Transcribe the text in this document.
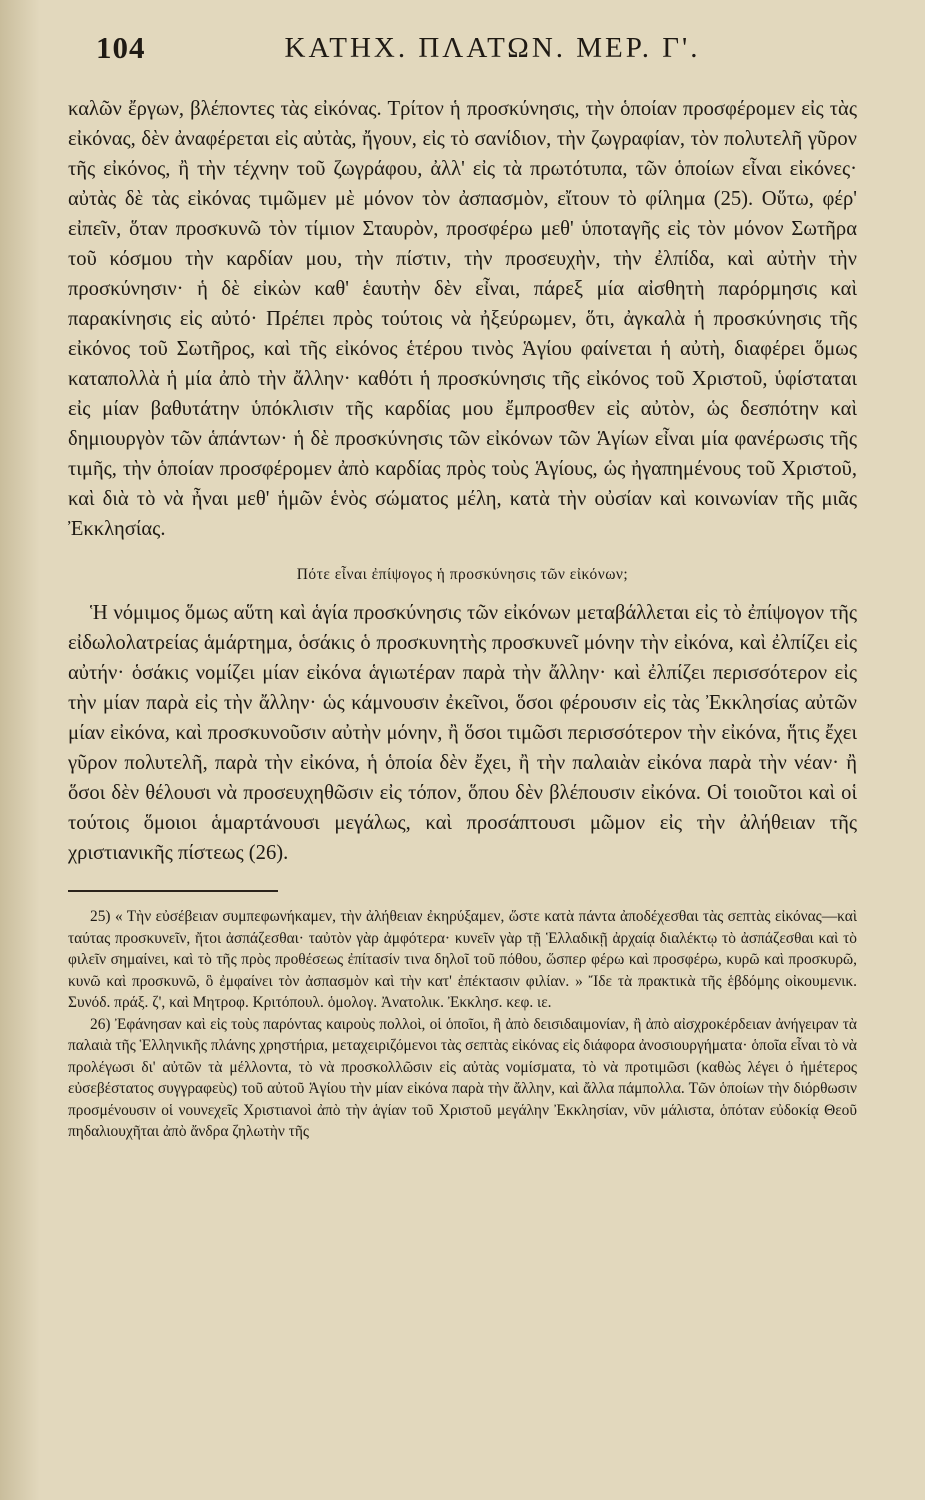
104	ΚΑΤΗΧ. ΠΛΑΤΩΝ. ΜΕΡ. Γ'.

καλῶν ἔργων, βλέποντες τὰς εἰκόνας. Τρίτον ἡ προσκύνησις, τὴν ὁποίαν προσφέρομεν εἰς τὰς εἰκόνας, δὲν ἀναφέρεται εἰς αὐτὰς, ἤγουν, εἰς τὸ σανίδιον, τὴν ζωγραφίαν, τὸν πολυτελῆ γῦρον τῆς εἰκόνος, ἢ τὴν τέχνην τοῦ ζωγράφου, ἀλλ' εἰς τὰ πρωτότυπα, τῶν ὁποίων εἶναι εἰκόνες· αὐτὰς δὲ τὰς εἰκόνας τιμῶμεν μὲ μόνον τὸν ἀσπασμὸν, εἴτουν τὸ φίλημα (25). Οὕτω, φέρ' εἰπεῖν, ὅταν προσκυνῶ τὸν τίμιον Σταυρὸν, προσφέρω μεθ' ὑποταγῆς εἰς τὸν μόνον Σωτῆρα τοῦ κόσμου τὴν καρδίαν μου, τὴν πίστιν, τὴν προσευχὴν, τὴν ἐλπίδα, καὶ αὐτὴν τὴν προσκύνησιν· ἡ δὲ εἰκὼν καθ' ἑαυτὴν δὲν εἶναι, πάρεξ μία αἰσθητὴ παρόρμησις καὶ παρακίνησις εἰς αὐτό· Πρέπει πρὸς τούτοις νὰ ἠξεύρωμεν, ὅτι, ἀγκαλὰ ἡ προσκύνησις τῆς εἰκόνος τοῦ Σωτῆρος, καὶ τῆς εἰκόνος ἑτέρου τινὸς Ἁγίου φαίνεται ἡ αὐτὴ, διαφέρει ὅμως καταπολλὰ ἡ μία ἀπὸ τὴν ἄλλην· καθότι ἡ προσκύνησις τῆς εἰκόνος τοῦ Χριστοῦ, ὑφίσταται εἰς μίαν βαθυτάτην ὑπόκλισιν τῆς καρδίας μου ἔμπροσθεν εἰς αὐτὸν, ὡς δεσπότην καὶ δημιουργὸν τῶν ἁπάντων· ἡ δὲ προσκύνησις τῶν εἰκόνων τῶν Ἁγίων εἶναι μία φανέρωσις τῆς τιμῆς, τὴν ὁποίαν προσφέρομεν ἀπὸ καρδίας πρὸς τοὺς Ἁγίους, ὡς ἠγαπημένους τοῦ Χριστοῦ, καὶ διὰ τὸ νὰ ἦναι μεθ' ἡμῶν ἑνὸς σώματος μέλη, κατὰ τὴν οὐσίαν καὶ κοινωνίαν τῆς μιᾶς Ἐκκλησίας.

Πότε εἶναι ἐπίψογος ἡ προσκύνησις τῶν εἰκόνων;

Ἡ νόμιμος ὅμως αὕτη καὶ ἁγία προσκύνησις τῶν εἰκόνων μεταβάλλεται εἰς τὸ ἐπίψογον τῆς εἰδωλολατρείας ἁμάρτημα, ὁσάκις ὁ προσκυνητὴς προσκυνεῖ μόνην τὴν εἰκόνα, καὶ ἐλπίζει εἰς αὐτήν· ὁσάκις νομίζει μίαν εἰκόνα ἁγιωτέραν παρὰ τὴν ἄλλην· καὶ ἐλπίζει περισσότερον εἰς τὴν μίαν παρὰ εἰς τὴν ἄλλην· ὡς κάμνουσιν ἐκεῖνοι, ὅσοι φέρουσιν εἰς τὰς Ἐκκλησίας αὐτῶν μίαν εἰκόνα, καὶ προσκυνοῦσιν αὐτὴν μόνην, ἢ ὅσοι τιμῶσι περισσότερον τὴν εἰκόνα, ἥτις ἔχει γῦρον πολυτελῆ, παρὰ τὴν εἰκόνα, ἡ ὁποία δὲν ἔχει, ἢ τὴν παλαιὰν εἰκόνα παρὰ τὴν νέαν· ἢ ὅσοι δὲν θέλουσι νὰ προσευχηθῶσιν εἰς τόπον, ὅπου δὲν βλέπουσιν εἰκόνα. Οἱ τοιοῦτοι καὶ οἱ τούτοις ὅμοιοι ἁμαρτάνουσι μεγάλως, καὶ προσάπτουσι μῶμον εἰς τὴν ἀλήθειαν τῆς χριστιανικῆς πίστεως (26).

25) « Τὴν εὐσέβειαν συμπεφωνήκαμεν, τὴν ἀλήθειαν ἐκηρύξαμεν, ὥστε κατὰ πάντα ἀποδέχεσθαι τὰς σεπτὰς εἰκόνας—καὶ ταύτας προσκυνεῖν, ἤτοι ἀσπάζεσθαι· ταὐτὸν γὰρ ἀμφότερα· κυνεῖν γὰρ τῇ Ἑλλαδικῇ ἀρχαίᾳ διαλέκτῳ τὸ ἀσπάζεσθαι καὶ τὸ φιλεῖν σημαίνει, καὶ τὸ τῆς πρὸς προθέσεως ἐπίτασίν τινα δηλοῖ τοῦ πόθου, ὥσπερ φέρω καὶ προσφέρω, κυρῶ καὶ προσκυρῶ, κυνῶ καὶ προσκυνῶ, ὃ ἐμφαίνει τὸν ἀσπασμὸν καὶ τὴν κατ' ἐπέκτασιν φιλίαν. » Ἴδε τὰ πρακτικὰ τῆς ἑβδόμης οἰκουμενικ. Συνόδ. πράξ. ζ', καὶ Μητροφ. Κριτόπουλ. ὁμολογ. Ἀνατολικ. Ἐκκλησ. κεφ. ιε.

26) Ἐφάνησαν καὶ εἰς τοὺς παρόντας καιροὺς πολλοὶ, οἱ ὁποῖοι, ἢ ἀπὸ δεισιδαιμονίαν, ἢ ἀπὸ αἰσχροκέρδειαν ἀνήγειραν τὰ παλαιὰ τῆς Ἑλληνικῆς πλάνης χρηστήρια, μεταχειριζόμενοι τὰς σεπτὰς εἰκόνας εἰς διάφορα ἀνοσιουργήματα· ὁποῖα εἶναι τὸ νὰ προλέγωσι δι' αὐτῶν τὰ μέλλοντα, τὸ νὰ προσκολλῶσιν εἰς αὐτὰς νομίσματα, τὸ νὰ προτιμῶσι (καθὼς λέγει ὁ ἡμέτερος εὐσεβέστατος συγγραφεὺς) τοῦ αὐτοῦ Ἁγίου τὴν μίαν εἰκόνα παρὰ τὴν ἄλλην, καὶ ἄλλα πάμπολλα. Τῶν ὁποίων τὴν διόρθωσιν προσμένουσιν οἱ νουνεχεῖς Χριστιανοὶ ἀπὸ τὴν ἁγίαν τοῦ Χριστοῦ μεγάλην Ἐκκλησίαν, νῦν μάλιστα, ὁπόταν εὐδοκίᾳ Θεοῦ πηδαλιουχῆται ἀπὸ ἄνδρα ζηλωτὴν τῆς
